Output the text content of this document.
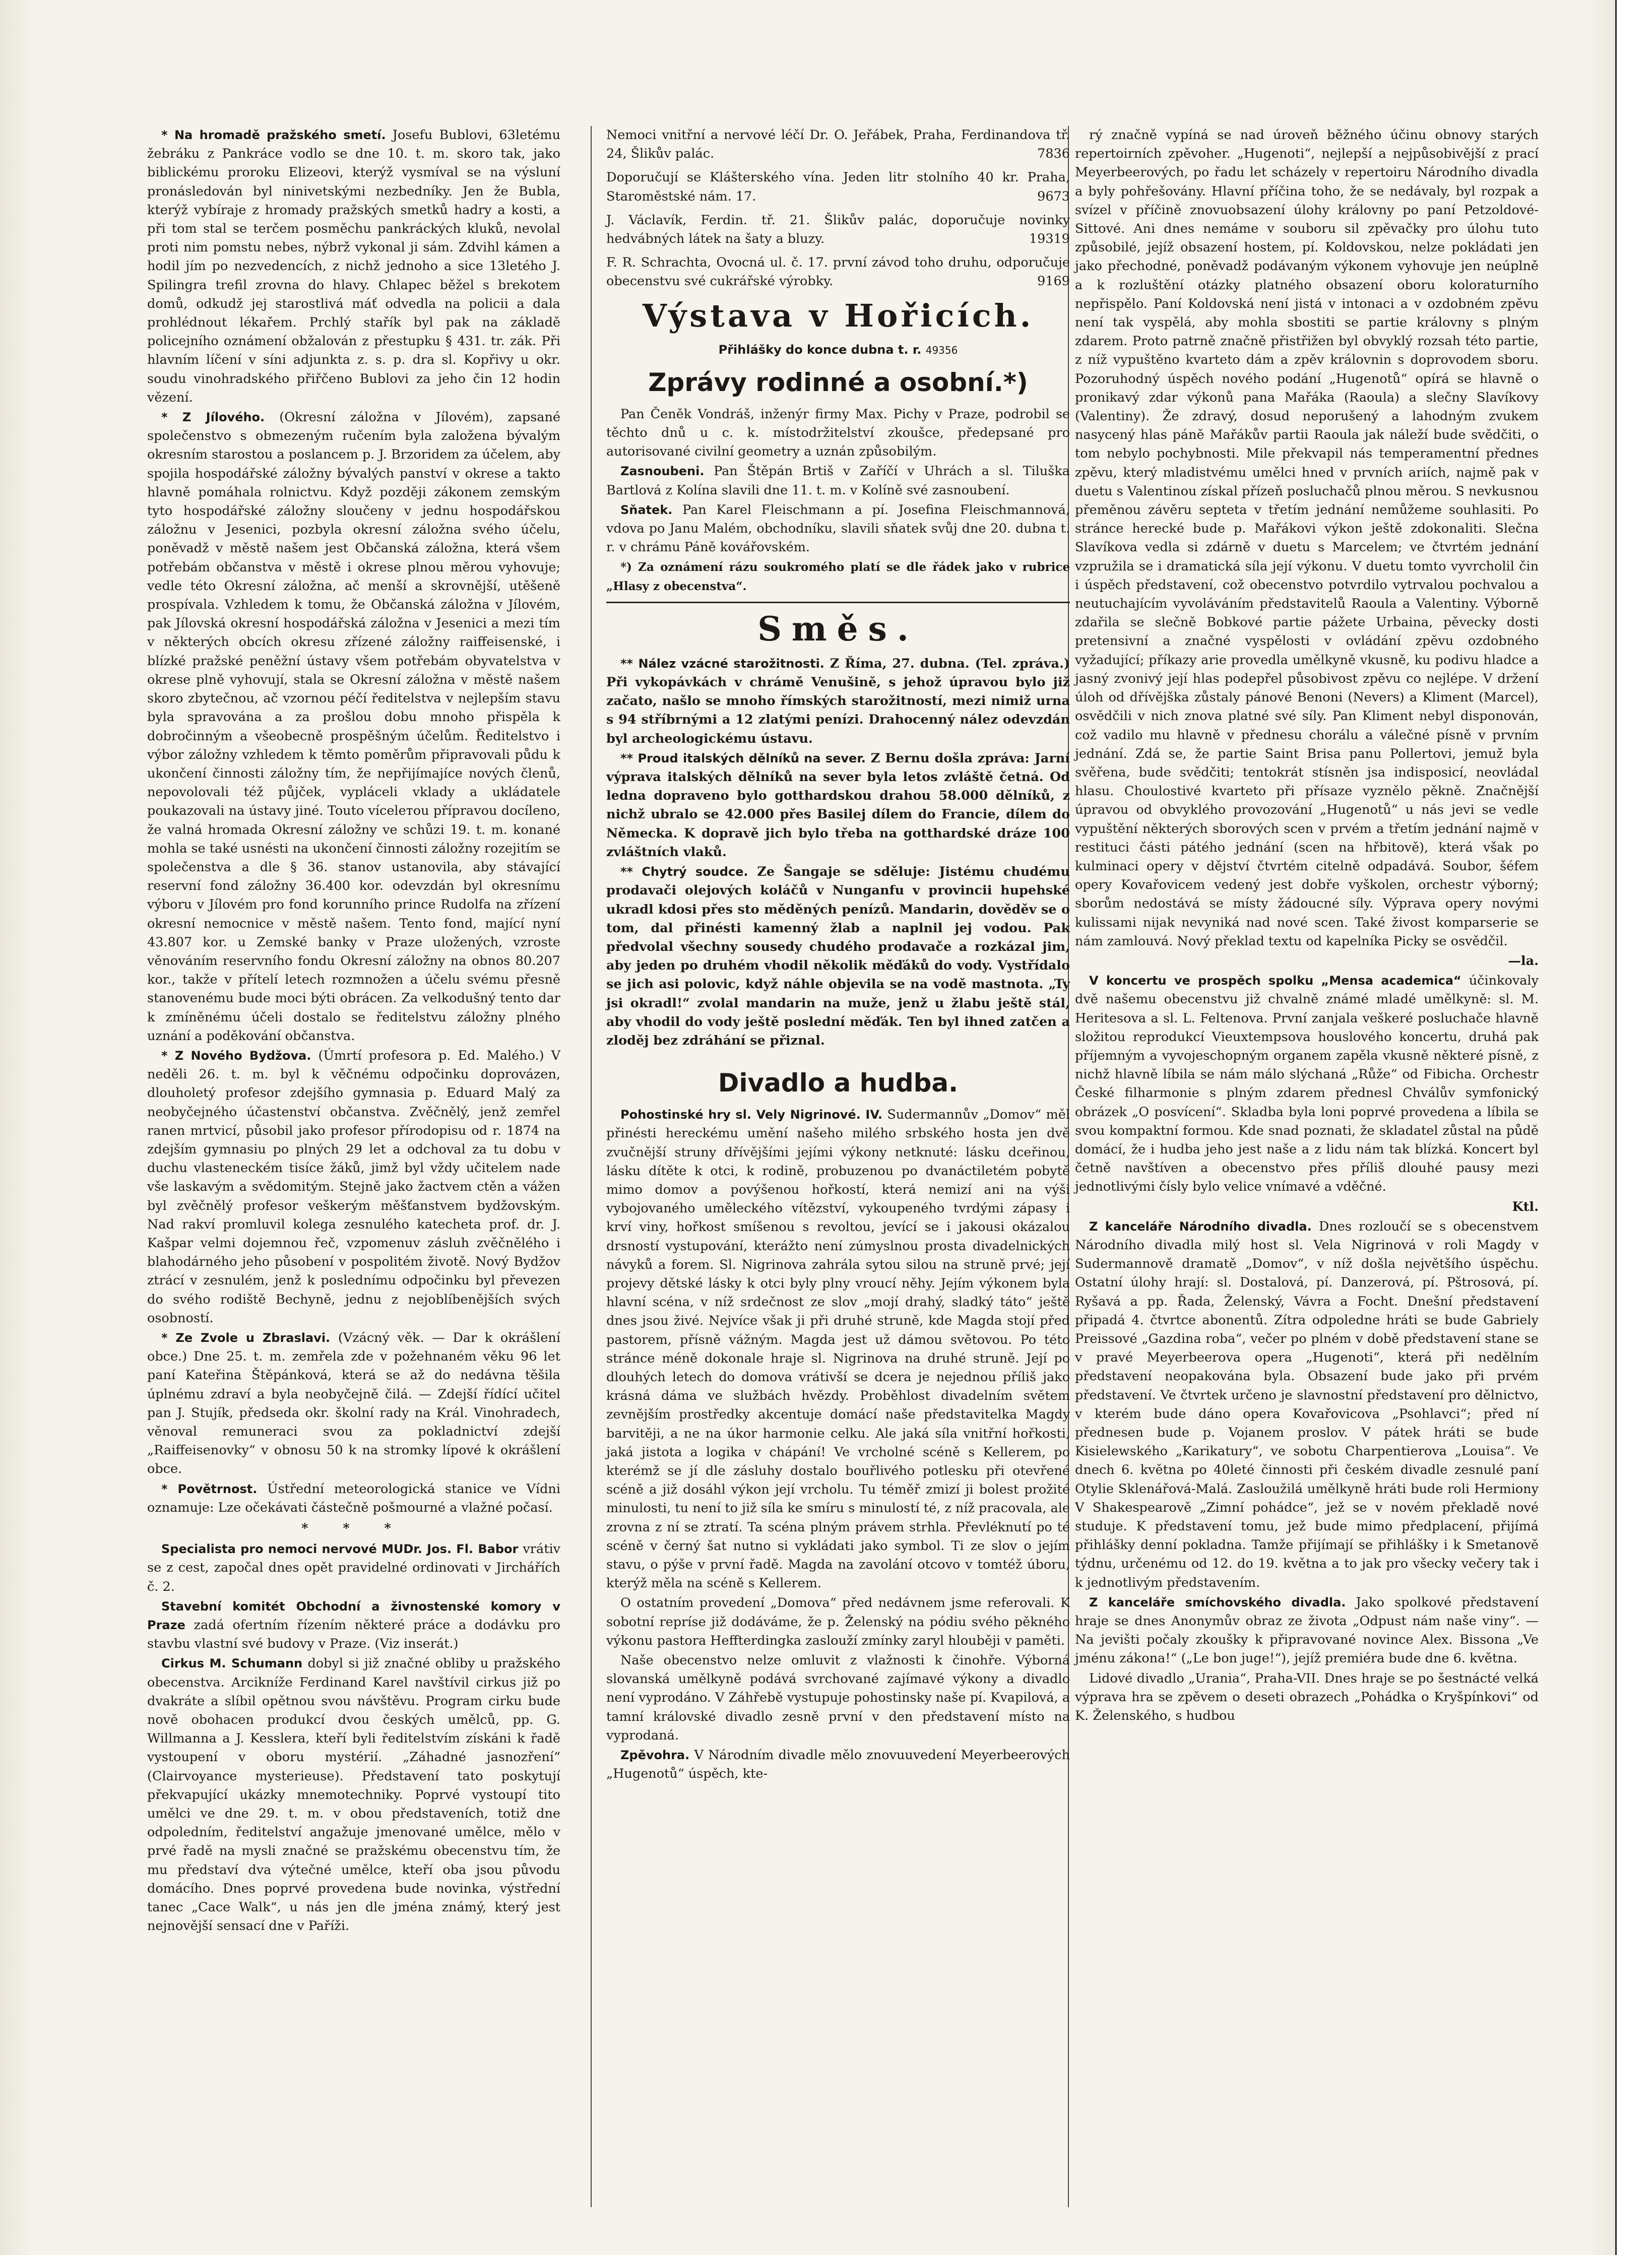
* Na hromadě pražského smetí. Josefu Bublovi, 63letému žebráku z Pankráce vodlo se dne 10. t. m. skoro tak, jako biblickému proroku Elizeovi, kterýž vysmíval se na výsluní pronásledován byl ninivetskými nezbedníky. Jen že Bubla, kterýž vybíraje z hromady pražských smetků hadry a kosti, a při tom stal se terčem posměchu pankráckých kluků, nevolal proti nim pomstu nebes, nýbrž vykonal ji sám. Zdvihl kámen a hodil jím po nezvedencích, z nichž jednoho a sice 13letého J. Spilingra trefil zrovna do hlavy. Chlapec běžel s brekotem domů, odkudž jej starostlivá máť odvedla na policii a dala prohlédnout lékařem. Prchlý stařík byl pak na základě policejního oznámení obžalován z přestupku § 431. tr. zák. Při hlavním líčení v síni adjunkta z. s. p. dra sl. Kopřivy u okr. soudu vinohradského přiřčeno Bublovi za jeho čin 12 hodin vězení.

* Z Jílového. (Okresní záložna v Jílovém), zapsané společenstvo s obmezeným ručením byla založena bývalým okresním starostou a poslancem p. J. Brzoridem za účelem, aby spojila hospodářské záložny bývalých panství v okrese a takto hlavně pomáhala rolnictvu. Když později zákonem zemským tyto hospodářské záložny sloučeny v jednu hospodářskou záložnu v Jesenici, pozbyla okresní záložna svého účelu, poněvadž v městě našem jest Občanská záložna, která všem potřebám občanstva v městě i okrese plnou měrou vyhovuje; vedle této Okresní záložna, ač menší a skrovnější, utěšeně prospívala. Vzhledem k tomu, že Občanská záložna v Jílovém, pak Jílovská okresní hospodářská záložna v Jesenici a mezi tím v některých obcích okresu zřízené záložny raiffeisenské, i blízké pražské peněžní ústavy všem potřebám obyvatelstva v okrese plně vyhovují, stala se Okresní záložna v městě našem skoro zbytečnou, ač vzornou péčí ředitelstva v nejlepším stavu byla spravována a za prošlou dobu mnoho přispěla k dobročinným a všeobecně prospěšným účelům. Ředitelstvo i výbor záložny vzhledem k těmto poměrům připravovali půdu k ukončení činnosti záložny tím, že nepřijímajíce nových členů, nepovolovali též půjček, vypláceli vklady a ukládatele poukazovali na ústavy jiné. Touto vícelетou přípravou docíleno, že valná hromada Okresní záložny ve schůzi 19. t. m. konané mohla se také usnésti na ukončení činnosti záložny rozejitím se společenstva a dle § 36. stanov ustanovila, aby stávající reservní fond záložny 36.400 kor. odevzdán byl okresnímu výboru v Jílovém pro fond korunního prince Rudolfa na zřízení okresní nemocnice v městě našem. Tento fond, mající nyní 43.807 kor. u Zemské banky v Praze uložených, vzroste věnováním reservního fondu Okresní záložny na obnos 80.207 kor., takže v přítelí letech rozmnožen a účelu svému přesně stanovenému bude moci býti obrácen. Za velkodušný tento dar k zmíněnému účeli dostalo se ředitelstvu záložny plného uznání a poděkování občanstva.

* Z Nového Bydžova. (Úmrtí profesora p. Ed. Malého.) V neděli 26. t. m. byl k věčnému odpočinku doprovázen, dlouholetý profesor zdejšího gymnasia p. Eduard Malý za neobyčejného účastenství občanstva. Zvěčnělý, jenž zemřel ranen mrtvicí, působil jako profesor přírodopisu od r. 1874 na zdejším gymnasiu po plných 29 let a odchoval za tu dobu v duchu vlasteneckém tisíce žáků, jimž byl vždy učitelem nade vše laskavým a svědomitým. Stejně jako žactvem ctěn a vážen byl zvěčnělý profesor veškerým měšťanstvem bydžovským. Nad rakví promluvil kolega zesnulého katecheta prof. dr. J. Kašpar velmi dojemnou řeč, vzpomenuv zásluh zvěčnělého i blahodárného jeho působení v pospolitém životě. Nový Bydžov ztrácí v zesnulém, jenž k poslednímu odpočinku byl převezen do svého rodiště Bechyně, jednu z nejoblíbenějších svých osobností.

* Ze Zvole u Zbraslavi. (Vzácný věk. — Dar k okrášlení obce.) Dne 25. t. m. zemřela zde v požehnaném věku 96 let paní Kateřina Štěpánková, která se až do nedávna těšila úplnému zdraví a byla neobyčejně čilá. — Zdejší řídící učitel pan J. Stujík, předseda okr. školní rady na Král. Vinohradech, věnoval remuneraci svou za pokladnictví zdejší „Raiffeisenovky“ v obnosu 50 k na stromky lípové k okrášlení obce.

* Povětrnost. Ústřední meteorologická stanice ve Vídni oznamuje: Lze očekávati částečně pošmourné a vlažné počasí.

* * *

Specialista pro nemoci nervové MUDr. Jos. Fl. Babor vrátiv se z cest, započal dnes opět pravidelné ordinovati v Jirchářích č. 2.

Stavební komitét Obchodní a živnostenské komory v Praze zadá ofertním řízením některé práce a dodávku pro stavbu vlastní své budovy v Praze. (Viz inserát.)

Cirkus M. Schumann dobyl si již značné obliby u pražského obecenstva. Arcikníže Ferdinand Karel navštívil cirkus již po dvakráte a slíbil opětnou svou návštěvu. Program cirku bude nově obohacen produkcí dvou českých umělců, pp. G. Willmanna a J. Kesslera, kteří byli ředitelstvím získáni k řadě vystoupení v oboru mystérií. „Záhadné jasnozření“ (Clairvoyance mysterieuse). Představení tato poskytují překvapující ukázky mnemotechniky. Poprvé vystoupí tito umělci ve dne 29. t. m. v obou představeních, totiž dne odpoledním, ředitelství angažuje jmenované umělce, mělo v prvé řadě na mysli značné se pražskému obecenstvu tím, že mu představí dva výtečné umělce, kteří oba jsou původu domácího. Dnes poprvé provedena bude novinka, výstřední tanec „Cace Walk“, u nás jen dle jména známý, který jest nejnovější sensací dne v Paříži.

Nemoci vnitřní a nervové léčí Dr. O. Jeřábek, Praha, Ferdinandova tř. 24, Šlikův palác.	7836

Doporučují se Klášterského vína. Jeden litr stolního 40 kr. Praha, Staroměstské nám. 17.	9673

J. Václavík, Ferdin. tř. 21. Šlikův palác, doporučuje novinky hedvábných látek na šaty a bluzy.	19319

F. R. Schrachta, Ovocná ul. č. 17. první závod toho druhu, odporučuje obecenstvu své cukrářské výrobky.	9169

Výstava v Hořicích.

Přihlášky do konce dubna t. r. 49356

Zprávy rodinné a osobní.*)

Pan Čeněk Vondráš, inženýr firmy Max. Pichy v Praze, podrobil se těchto dnů u c. k. místodržitelství zkoušce, předepsané pro autorisované civilní geometry a uznán způsobilým.

Zasnoubeni. Pan Štěpán Brtiš v Zaříčí v Uhrách a sl. Tiluška Bartlová z Kolína slavili dne 11. t. m. v Kolíně své zasnoubení.

Sňatek. Pan Karel Fleischmann a pí. Josefina Fleischmannová, vdova po Janu Malém, obchodníku, slavili sňatek svůj dne 20. dubna t. r. v chrámu Páně kovářovském.

*) Za oznámení rázu soukromého platí se dle řádek jako v rubrice „Hlasy z obecenstva“.

Směs.

** Nález vzácné starožitnosti. Z Říma, 27. dubna. (Tel. zpráva.) Při vykopávkách v chrámě Venušině, s jehož úpravou bylo již začato, našlo se mnoho římských starožitností, mezi nimiž urna s 94 stříbrnými a 12 zlatými penízi. Drahocenný nález odevzdán byl archeologickému ústavu.

** Proud italských dělníků na sever. Z Bernu došla zpráva: Jarní výprava italských dělníků na sever byla letos zvláště četná. Od ledna dopraveno bylo gotthardskou drahou 58.000 dělníků, z nichž ubralo se 42.000 přes Basilej dílem do Francie, dílem do Německa. K dopravě jich bylo třeba na gotthardské dráze 100 zvláštních vlaků.

** Chytrý soudce. Ze Šangaje se sděluje: Jistému chudému prodavači olejových koláčů v Nunganfu v provincii hupehské ukradl kdosi přes sto měděných penízů. Mandarin, dověděv se o tom, dal přinésti kamenný žlab a naplnil jej vodou. Pak předvolal všechny sousedy chudého prodavače a rozkázal jim, aby jeden po druhém vhodil několik měďáků do vody. Vystřídalo se jich asi polovic, když náhle objevila se na vodě mastnota. „Ty jsi okradl!“ zvolal mandarin na muže, jenž u žlabu ještě stál, aby vhodil do vody ještě poslední měďák. Ten byl ihned zatčen a zloděj bez zdráhání se přiznal.

Divadlo a hudba.

Pohostinské hry sl. Vely Nigrinové. IV. Sudermannův „Domov“ měl přinésti hereckému umění našeho milého srbského hosta jen dvě zvučnější struny dřívějšími jejími výkony netknuté: lásku dceřinou, lásku dítěte k otci, k rodině, probuzenou po dvanáctiletém pobytě mimo domov a povýšenou hořkostí, která nemizí ani na výši vybojovaného uměleckého vítězství, vykoupeného tvrdými zápasy i krví viny, hořkost smíšenou s revoltou, jevící se i jakousi okázalou drsností vystupování, kterážto není zúmyslnou prostа divadelnických návyků a forem. Sl. Nigrinova zahrála sytou silou na struně prvé; její projevy dětské lásky k otci byly plny vroucí něhy. Jejím výkonem byla hlavní scéna, v níž srdečnost ze slov „mojí drahý, sladký táto“ ještě dnes jsou živé. Nejvíce však ji při druhé struně, kde Magda stojí před pastorem, přísně vážným. Magda jest už dámou světovou. Po této stránce méně dokonale hraje sl. Nigrinova na druhé struně. Její po dlouhých letech do domova vrátivší se dcera je nejednou příliš jako krásná dáma ve službách hvězdy. Proběhlost divadelním světem zevnějším prostředky akcentuje domácí naše představitelka Magdy barvitěji, a ne na úkor harmonie celku. Ale jaká síla vnitřní hořkosti, jaká jistota a logika v chápání! Ve vrcholné scéně s Kellerem, po kterémž se jí dle zásluhy dostalo bouřlivého potlesku při otevřené scéně a již dosáhl výkon její vrcholu. Tu téměř zmizí ji bolest prožité minulosti, tu není to již síla ke smíru s minulostí té, z níž pracovala, ale zrovna z ní se ztratí. Ta scéna plným právem strhla. Převléknutí po té scéně v černý šat nutno si vykládati jako symbol. Ti ze slov o jejím stavu, o pýše v první řadě. Magda na zavolání otcovo v tomtéž úboru, kterýž měla na scéně s Kellerem.

O ostatním provedení „Domova“ před nedávnem jsme referovali. K sobotní repríse již dodáváme, že p. Želenský na pódiu svého pěkného výkonu pastora Heffterdingka zaslouží zmínky zaryl hlouběji v paměti.

Naše obecenstvo nelze omluvit z vlažnosti k činohře. Výborná slovanská umělkyně podává svrchované zajímavé výkony a divadlo není vyprodáno. V Záhřebě vystupuje pohostinsky naše pí. Kvapilová, a tamní královské divadlo zesně první v den představení místo na vyprodaná.

Zpěvohra. V Národním divadle mělo znovuuvedení Meyerbeerových „Hugenotů“ úspěch, kte-

rý značně vypíná se nad úroveň běžného účinu obnovy starých repertoirních zpěvoher. „Hugenoti“, nejlepší a nejpůsobivější z prací Meyerbeerových, po řadu let scházely v repertoiru Národního divadla a byly pohřešovány. Hlavní příčina toho, že se nedávaly, byl rozpak a svízel v příčině znovuobsazení úlohy královny po paní Petzoldové-Sittové. Ani dnes nemáme v souboru sil zpěvačky pro úlohu tuto způsobilé, jejíž obsazení hostem, pí. Koldovskou, nelze pokládati jen jako přechodné, poněvadž podávaným výkonem vyhovuje jen neúplně a k rozluštění otázky platného obsazení oboru koloraturního nepřispělo. Paní Koldovská není jistá v intonaci a v ozdobném zpěvu není tak vyspělá, aby mohla sbostiti se partie královny s plným zdarem. Proto patrně značně přistřižen byl obvyklý rozsah této partie, z níž vypuštěno kvarteto dám a zpěv královnin s doprovodem sboru. Pozoruhodný úspěch nového podání „Hugenotů“ opírá se hlavně o pronikavý zdar výkonů pana Mařáka (Raoula) a slečny Slavíkovy (Valentiny). Že zdravý, dosud neporušený a lahodným zvukem nasycený hlas páně Mařákův partii Raoula jak náleží bude svědčiti, o tom nebylo pochybnosti. Mile překvapil nás temperamentní přednes zpěvu, který mladistvému umělci hned v prvních ariích, najmě pak v duetu s Valentinou získal přízeň posluchačů plnou měrou. S nevkusnou přeměnou závěru septeta v třetím jednání nemůžeme souhlasiti. Po stránce herecké bude p. Mařákovi výkon ještě zdokonaliti. Slečna Slavíkova vedla si zdárně v duetu s Marcelem; ve čtvrtém jednání vzpružila se i dramatická síla její výkonu. V duetu tomto vyvrcholil čin i úspěch představení, což obecenstvo potvrdilo vytrvalou pochvalou a neutuchajícím vyvoláváním představitelů Raoula a Valentiny. Výborně zdařila se slečně Bobkové partie pážete Urbaina, pěvecky dosti pretensivní a značné vyspělosti v ovládání zpěvu ozdobného vyžadující; příkazy arie provedla umělkyně vkusně, ku podivu hladce a jasný zvonivý její hlas podepřel působivost zpěvu co nejlépe. V držení úloh od dřívějška zůstaly pánové Benoni (Nevers) a Kliment (Marcel), osvědčili v nich znova platné své síly. Pan Kliment nebyl disponován, což vadilo mu hlavně v přednesu chorálu a válečné písně v prvním jednání. Zdá se, že partie Saint Brisa panu Pollertovi, jemuž byla svěřena, bude svědčiti; tentokrát stísněn jsa indisposicí, neovládal hlasu. Choulostivé kvarteto při přísaze vyznělo pěkně. Značnější úpravou od obvyklého provozování „Hugenotů“ u nás jevi se vedle vypuštění některých sborových scen v prvém a třetím jednání najmě v restituci části pátého jednání (scen na hřbitově), která však po kulminaci opery v dějství čtvrtém citelně odpadává. Soubor, šéfem opery Kovařovicem vedený jest dobře vyškolen, orchestr výborný; sborům nedostává se místy žádoucné síly. Výprava opery novými kulissami nijak nevyniká nad nové scen. Také živost komparserie se nám zamlouvá. Nový překlad textu od kapelníka Picky se osvědčil.

—la.

V koncertu ve prospěch spolku „Mensa academica“ účinkovaly dvě našemu obecenstvu již chvalně známé mladé umělkyně: sl. M. Heritesova a sl. L. Feltenova. První zanjala veškeré posluchače hlavně složitou reprodukcí Vieuxtempsova houslového koncertu, druhá pak příjemným a vyvojeschopným organem zapěla vkusně některé písně, z nichž hlavně líbila se nám málo slýchaná „Růže“ od Fibicha. Orchestr České filharmonie s plným zdarem přednesl Chválův symfonický obrázek „O posvícení“. Skladba byla loni poprvé provedena a líbila se svou kompaktní formou. Kde snad poznati, že skladatel zůstal na půdě domácí, že i hudba jeho jest naše a z lidu nám tak blízká. Koncert byl četně navštíven a obecenstvo přes příliš dlouhé pausy mezi jednotlivými čísly bylo velice vnímavé a vděčné.

Ktl.

Z kanceláře Národního divadla. Dnes rozloučí se s obecenstvem Národního divadla milý host sl. Vela Nigrinová v roli Magdy v Sudermannově dramatě „Domov“, v níž došla největšího úspěchu. Ostatní úlohy hrají: sl. Dostalová, pí. Danzerová, pí. Pštrosová, pí. Ryšavá a pp. Řada, Želenský, Vávra a Focht. Dnešní představení připadá 4. čtvrtce abonentů. Zítra odpoledne hráti se bude Gabriely Preissové „Gazdina roba“, večer po plném v době představení stane se v pravé Meyerbeerova opera „Hugenoti“, která při nedělním představení neopakována byla. Obsazení bude jako při prvém představení. Ve čtvrtek určeno je slavnostní představení pro dělnictvo, v kterém bude dáno opera Kovařovicova „Psohlavci“; před ní přednesen bude p. Vojanem proslov. V pátek hráti se bude Kisielewského „Karikatury“, ve sobotu Charpentierova „Louisa“. Ve dnech 6. května po 40leté činnosti při českém divadle zesnulé paní Otylie Sklenářová-Malá. Zasloužilá umělkyně hráti bude roli Hermiony V Shakespearově „Zimní pohádce“, jež se v novém překladě nové studuje. K představení tomu, jež bude mimo předplacení, přijímá přihlášky denní pokladna. Tamže přijímají se přihlášky i k Smetanově týdnu, určenému od 12. do 19. května a to jak pro všecky večery tak i k jednotlivým představením.

Z kanceláře smíchovského divadla. Jako spolkové představení hraje se dnes Anonymův obraz ze života „Odpust nám naše viny“. — Na jevišti počaly zkoušky k připravované novince Alex. Bissona „Ve jménu zákona!“ („Le bon juge!“), jejíž premiéra bude dne 6. května.

Lidové divadlo „Urania“, Praha-VII. Dnes hraje se po šestnácté velká výprava hra se zpěvem o deseti obrazech „Pohádka o Kryšpínkovi“ od K. Želenského, s hudbou
